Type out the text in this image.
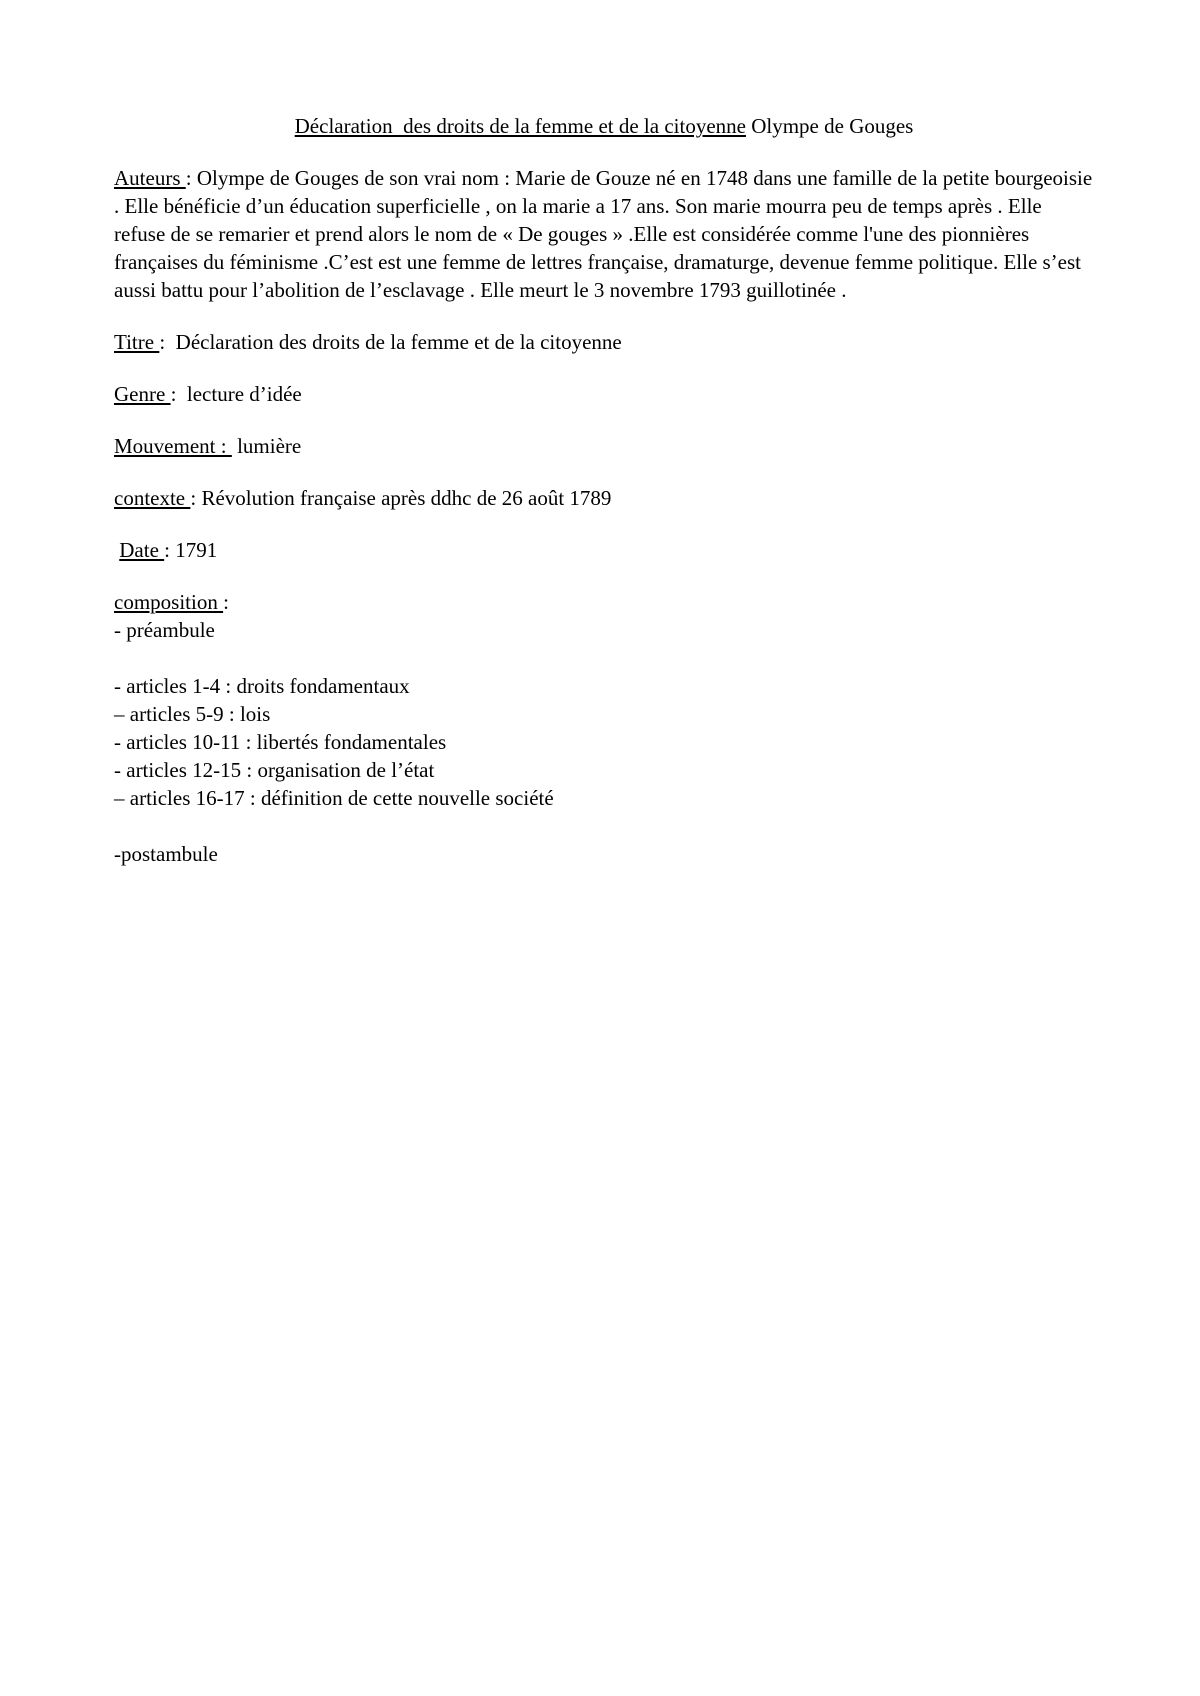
Déclaration  des droits de la femme et de la citoyenne Olympe de Gouges

Auteurs : Olympe de Gouges de son vrai nom : Marie de Gouze né en 1748 dans une famille de la petite bourgeoisie . Elle bénéficie d’un éducation superficielle , on la marie a 17 ans. Son marie mourra peu de temps après . Elle refuse de se remarier et prend alors le nom de « De gouges » .Elle est considérée comme l'une des pionnières françaises du féminisme .C’est est une femme de lettres française, dramaturge, devenue femme politique. Elle s’est aussi battu pour l’abolition de l’esclavage . Elle meurt le 3 novembre 1793 guillotinée .

Titre :  Déclaration des droits de la femme et de la citoyenne

Genre :  lecture d’idée

Mouvement :  lumière

contexte : Révolution française après ddhc de 26 août 1789

Date : 1791

composition :

- préambule
- articles 1-4 : droits fondamentaux
– articles 5-9 : lois
- articles 10-11 : libertés fondamentales
- articles 12-15 : organisation de l’état
– articles 16-17 : définition de cette nouvelle société
-postambule
